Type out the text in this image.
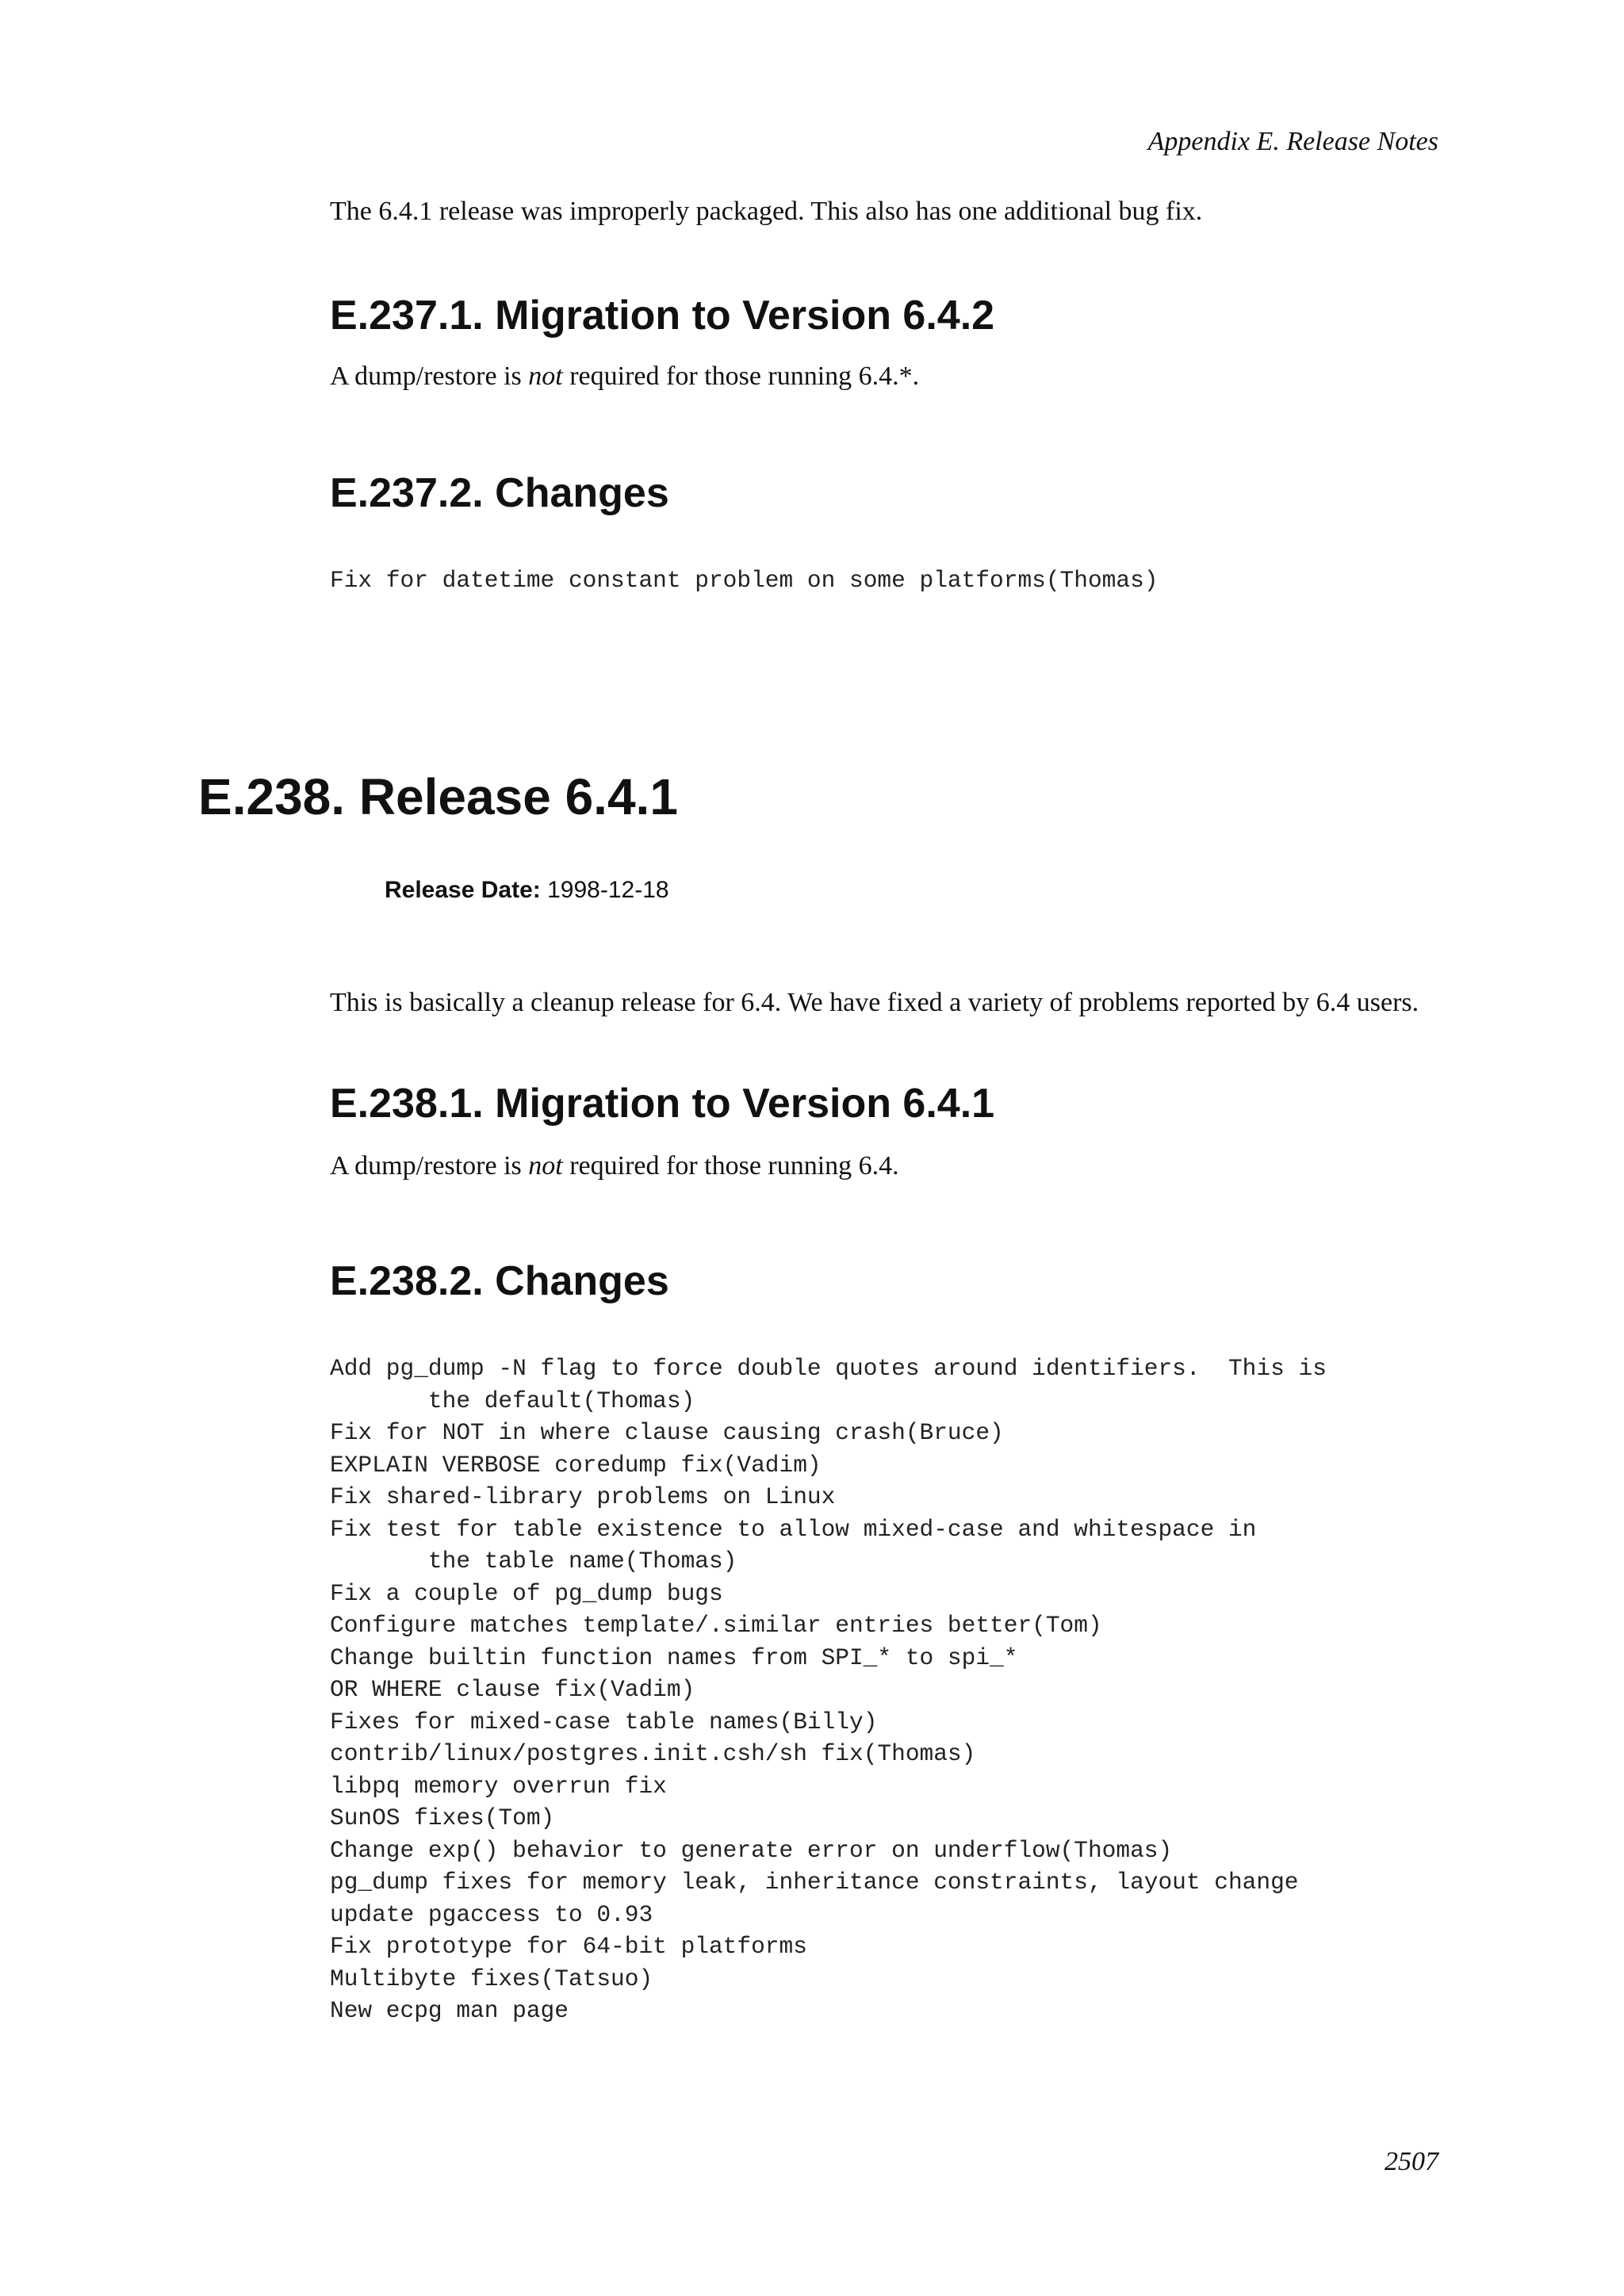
Appendix E. Release Notes

The 6.4.1 release was improperly packaged. This also has one additional bug fix.

E.237.1. Migration to Version 6.4.2

A dump/restore is not required for those running 6.4.*.

E.237.2. Changes
Fix for datetime constant problem on some platforms(Thomas)
E.238. Release 6.4.1
Release Date: 1998-12-18

This is basically a cleanup release for 6.4. We have fixed a variety of problems reported by 6.4 users.

E.238.1. Migration to Version 6.4.1

A dump/restore is not required for those running 6.4.

E.238.2. Changes
Add pg_dump -N flag to force double quotes around identifiers.  This is
the default(Thomas)
Fix for NOT in where clause causing crash(Bruce)
EXPLAIN VERBOSE coredump fix(Vadim)
Fix shared-library problems on Linux
Fix test for table existence to allow mixed-case and whitespace in
the table name(Thomas)
Fix a couple of pg_dump bugs
Configure matches template/.similar entries better(Tom)
Change builtin function names from SPI_* to spi_*
OR WHERE clause fix(Vadim)
Fixes for mixed-case table names(Billy)
contrib/linux/postgres.init.csh/sh fix(Thomas)
libpq memory overrun fix
SunOS fixes(Tom)
Change exp() behavior to generate error on underflow(Thomas)
pg_dump fixes for memory leak, inheritance constraints, layout change
update pgaccess to 0.93
Fix prototype for 64-bit platforms
Multibyte fixes(Tatsuo)
New ecpg man page
2507
